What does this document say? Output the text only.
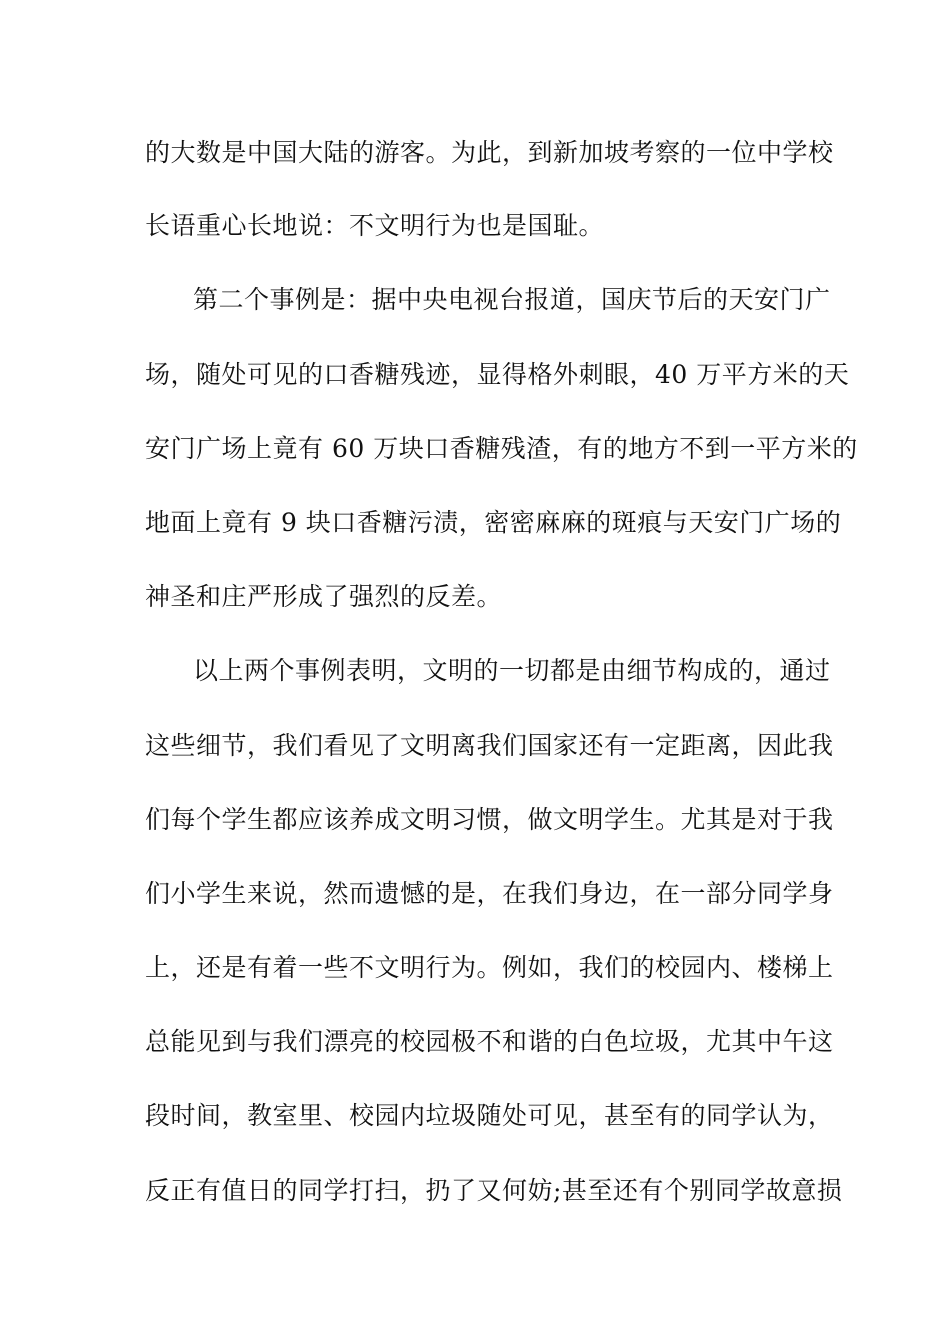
的大数是中国大陆的游客。为此，到新加坡考察的一位中学校
长语重心长地说：不文明行为也是国耻。
第二个事例是：据中央电视台报道，国庆节后的天安门广
场，随处可见的口香糖残迹，显得格外刺眼，40 万平方米的天
安门广场上竟有 60 万块口香糖残渣，有的地方不到一平方米的
地面上竟有 9 块口香糖污渍，密密麻麻的斑痕与天安门广场的
神圣和庄严形成了强烈的反差。
以上两个事例表明，文明的一切都是由细节构成的，通过
这些细节，我们看见了文明离我们国家还有一定距离，因此我
们每个学生都应该养成文明习惯，做文明学生。尤其是对于我
们小学生来说，然而遗憾的是，在我们身边，在一部分同学身
上，还是有着一些不文明行为。例如，我们的校园内、楼梯上
总能见到与我们漂亮的校园极不和谐的白色垃圾，尤其中午这
段时间，教室里、校园内垃圾随处可见，甚至有的同学认为，
反正有值日的同学打扫，扔了又何妨;甚至还有个别同学故意损
